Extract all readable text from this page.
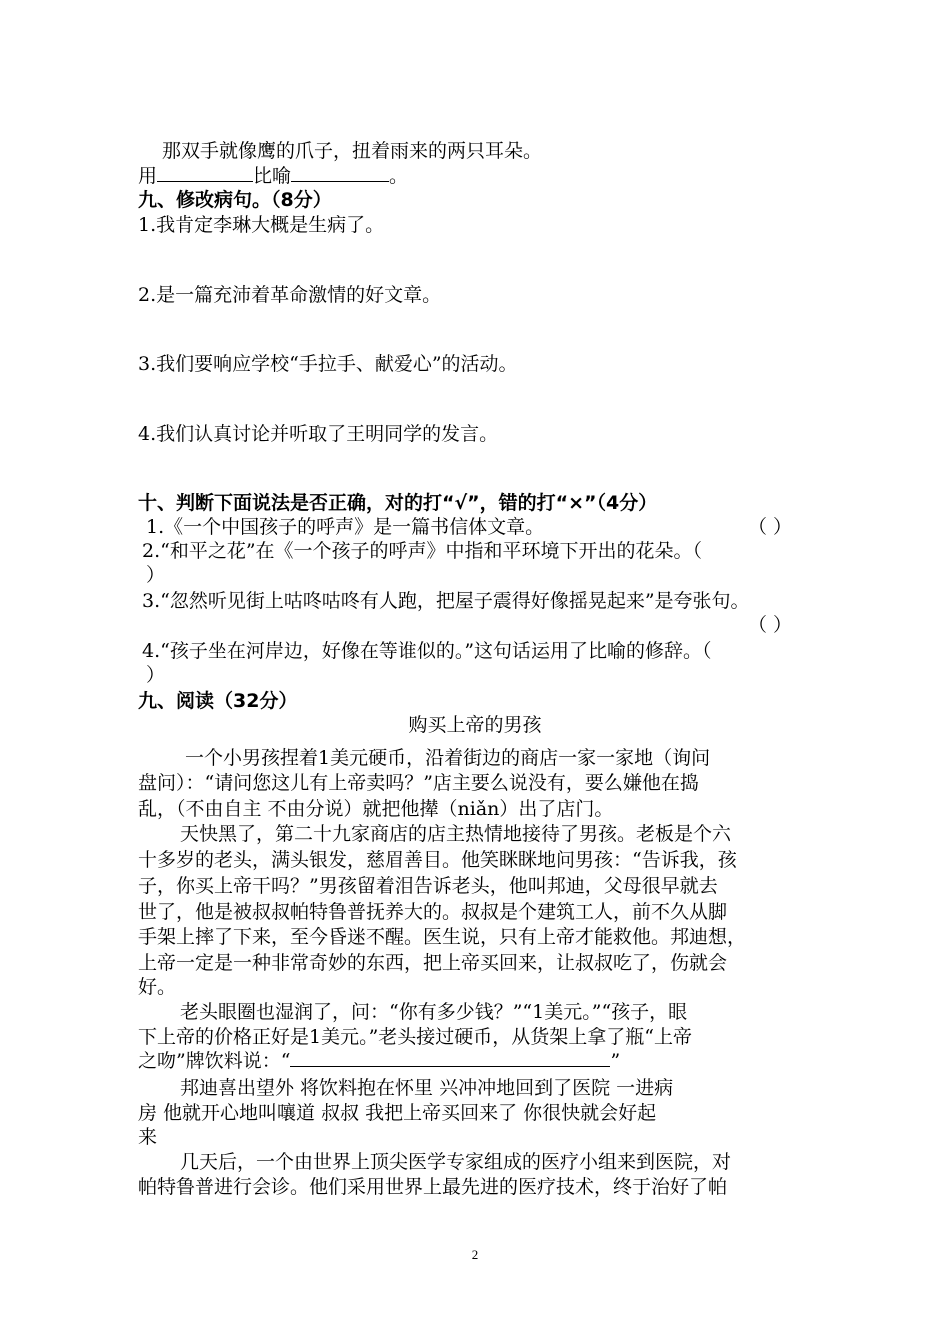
那双手就像鹰的爪子，扭着雨来的两只耳朵。
用	比喻	。
九、修改病句。（8分）
1.我肯定李琳大概是生病了。
2.是一篇充沛着革命激情的好文章。
3.我们要响应学校“手拉手、献爱心”的活动。
4.我们认真讨论并听取了王明同学的发言。
十、判断下面说法是否正确，对的打“√”，错的打“×”（4分）
1.《一个中国孩子的呼声》是一篇书信体文章。	（ ）
2.“和平之花”在《一个孩子的呼声》中指和平环境下开出的花朵。（
）
3.“忽然听见街上咕咚咕咚有人跑，把屋子震得好像摇晃起来”是夸张句。
（ ）
4.“孩子坐在河岸边，好像在等谁似的。”这句话运用了比喻的修辞。（
）
九、阅读（32分）
购买上帝的男孩
一个小男孩捏着1美元硬币，沿着街边的商店一家一家地（询问
盘问）：“请问您这儿有上帝卖吗？”店主要么说没有，要么嫌他在捣
乱，（不由自主 不由分说）就把他撵（niǎn）出了店门。
天快黑了，第二十九家商店的店主热情地接待了男孩。老板是个六
十多岁的老头，满头银发，慈眉善目。他笑眯眯地问男孩：“告诉我，孩
子，你买上帝干吗？”男孩留着泪告诉老头，他叫邦迪，父母很早就去
世了，他是被叔叔帕特鲁普抚养大的。叔叔是个建筑工人，前不久从脚
手架上摔了下来，至今昏迷不醒。医生说，只有上帝才能救他。邦迪想，
上帝一定是一种非常奇妙的东西，把上帝买回来，让叔叔吃了，伤就会
好。
老头眼圈也湿润了，问：“你有多少钱？”“1美元。”“孩子，眼
下上帝的价格正好是1美元。”老头接过硬币，从货架上拿了瓶“上帝
之吻”牌饮料说：“	”
邦迪喜出望外 将饮料抱在怀里 兴冲冲地回到了医院 一进病
房 他就开心地叫嚷道 叔叔 我把上帝买回来了 你很快就会好起
来
几天后，一个由世界上顶尖医学专家组成的医疗小组来到医院，对
帕特鲁普进行会诊。他们采用世界上最先进的医疗技术，终于治好了帕
2
